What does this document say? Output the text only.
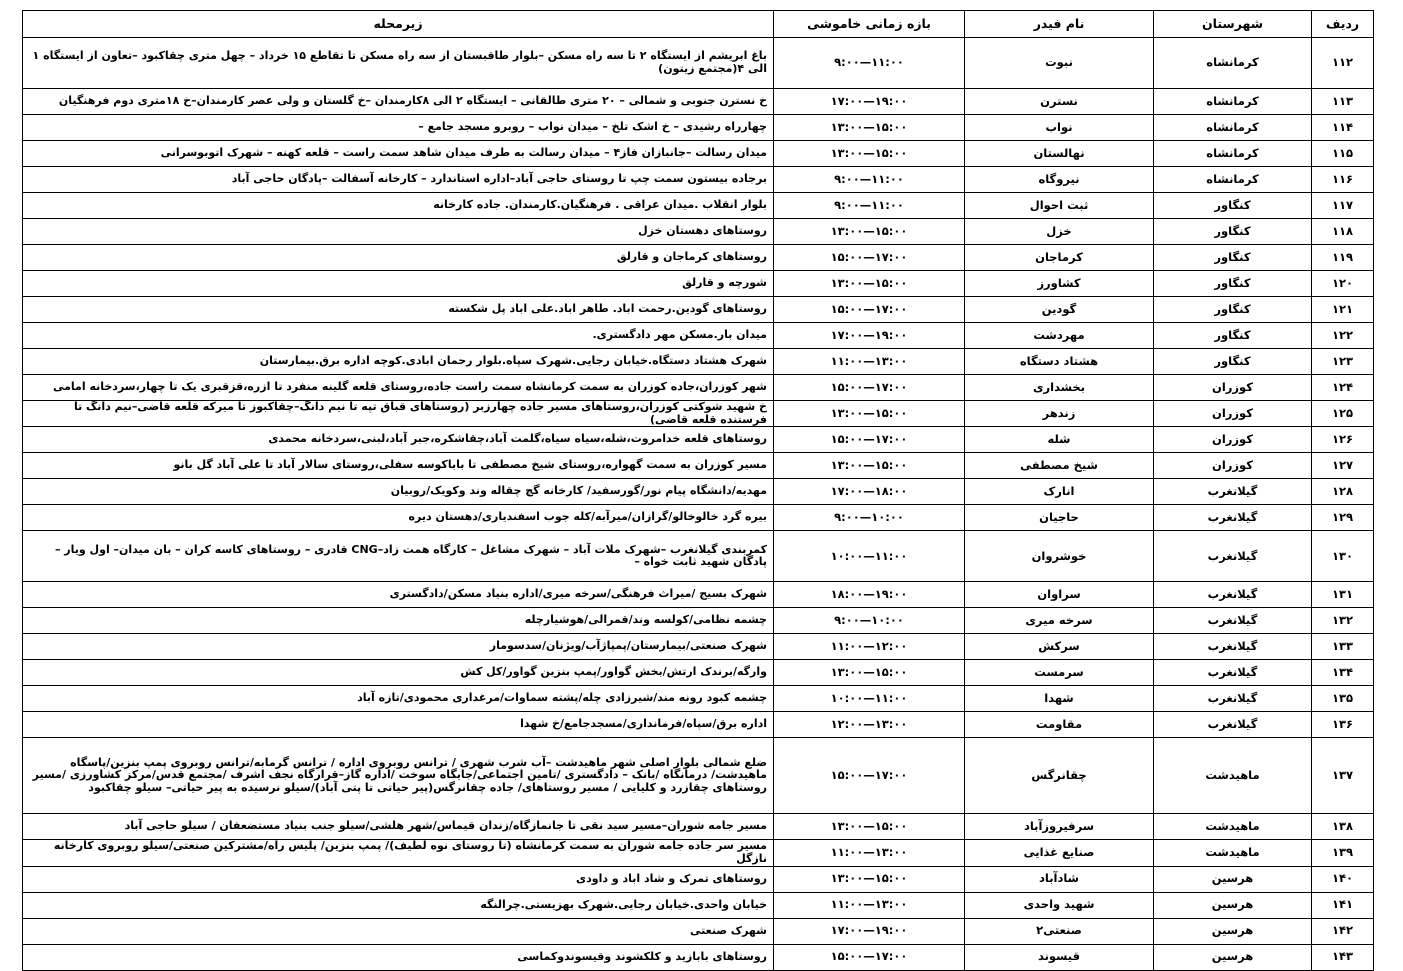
ردیف	شهرستان	نام فیدر	بازه زمانی خاموشی	زیرمحله
۱۱۲	کرمانشاه	نبوت	۱۱:۰۰—۹:۰۰	باغ ابریشم از ایستگاه ۲ تا سه راه مسکن –بلوار طاقبستان از سه راه مسکن تا تقاطع ۱۵ خرداد – چهل متری چقاکبود –تعاون از ایستگاه ۱ الی ۴(مجتمع زیتون)
۱۱۳	کرمانشاه	نسترن	۱۹:۰۰—۱۷:۰۰	خ نسترن جنوبی و شمالی – ۲۰ متری طالقانی – ایستگاه ۲ الی ۸کارمندان –خ گلستان و ولی عصر کارمندان–خ ۱۸متری دوم فرهنگیان
۱۱۴	کرمانشاه	نواب	۱۵:۰۰—۱۳:۰۰	چهارراه رشیدی – خ اشک تلخ – میدان نواب – روبرو مسجد جامع –
۱۱۵	کرمانشاه	نهالستان	۱۵:۰۰—۱۳:۰۰	میدان رسالت –جانبازان فاز۴ – میدان رسالت به طرف میدان شاهد سمت راست – قلعه کهنه – شهرک اتوبوسرانی
۱۱۶	کرمانشاه	نیروگاه	۱۱:۰۰—۹:۰۰	برجاده بیستون سمت چپ تا روستای حاجی آباد–اداره استاندارد – کارخانه آسفالت –پادگان حاجی آباد
۱۱۷	کنگاور	ثبت احوال	۱۱:۰۰—۹:۰۰	بلوار انقلاب .میدان عراقی . فرهنگیان.کارمندان. جاده کارخانه
۱۱۸	کنگاور	خزل	۱۵:۰۰—۱۳:۰۰	روستاهای دهستان خزل
۱۱۹	کنگاور	کرماجان	۱۷:۰۰—۱۵:۰۰	روستاهای کرماجان و قارلق
۱۲۰	کنگاور	کشاورز	۱۵:۰۰—۱۳:۰۰	شورچه و قارلق
۱۲۱	کنگاور	گودین	۱۷:۰۰—۱۵:۰۰	روستاهای گودین.رحمت اباد. طاهر اباد.علی اباد پل شکسته
۱۲۲	کنگاور	مهردشت	۱۹:۰۰—۱۷:۰۰	میدان بار.مسکن مهر دادگستری.
۱۲۳	کنگاور	هشتاد دستگاه	۱۳:۰۰—۱۱:۰۰	شهرک هشتاد دستگاه.خیابان رجایی.شهرک سپاه.بلوار رحمان ابادی.کوچه اداره برق.بیمارستان
۱۲۴	کوزران	بخشداری	۱۷:۰۰—۱۵:۰۰	شهر کوزران،جاده کوزران به سمت کرمانشاه سمت راست جاده،روستای قلعه گلینه منفرد تا ازره،قزقبری یک تا چهار،سردخانه امامی
۱۲۵	کوزران	زندهر	۱۵:۰۰—۱۳:۰۰	خ شهید شوکتی کوزران،روستاهای مسیر جاده چهارزبر (روستاهای قباق تپه تا نیم دانگ–چقاکبوز تا میرکه قلعه قاضی–نیم دانگ تا فرستنده قلعه قاضی)
۱۲۶	کوزران	شله	۱۷:۰۰—۱۵:۰۰	روستاهای قلعه خدامروت،شله،سیاه سیاه،گلمت آباد،چقاشکره،جبر آباد،لبنی،سردخانه محمدی
۱۲۷	کوزران	شیخ مصطفی	۱۵:۰۰—۱۳:۰۰	مسیر کوزران به سمت گهواره،روستای شیخ مصطفی تا باباکوسه سفلی،روستای سالار آباد تا علی آباد گل بانو
۱۲۸	گیلانغرب	انارک	۱۸:۰۰—۱۷:۰۰	مهدیه/دانشگاه پیام نور/گورسفید/ کارخانه گچ چقاله وند وکویک/روبیان
۱۲۹	گیلانغرب	حاجیان	۱۰:۰۰—۹:۰۰	بیره گرد خالوخالو/گرازان/میرآبه/کله جوب اسفندیاری/دهستان دیره
۱۳۰	گیلانغرب	خوشروان	۱۱:۰۰—۱۰:۰۰	کمربندی گیلانغرب –شهرک ملات آباد – شهرک مشاغل – کارگاه همت زاد–CNG قادری – روستاهای کاسه کران – بان میدان– اول ویار – پادگان شهید ثابت خواه –
۱۳۱	گیلانغرب	سراوان	۱۹:۰۰—۱۸:۰۰	شهرک بسیج /میراث فرهنگی/سرخه میری/اداره بنیاد مسکن/دادگستری
۱۳۲	گیلانغرب	سرخه میری	۱۰:۰۰—۹:۰۰	چشمه نظامی/کولسه وند/قمرالی/هوشیارچله
۱۳۳	گیلانغرب	سرکش	۱۲:۰۰—۱۱:۰۰	شهرک صنعتی/بیمارستان/پمپاژآب/ویژنان/سدسومار
۱۳۴	گیلانغرب	سرمست	۱۵:۰۰—۱۳:۰۰	وارگه/برندک ارتش/بخش گواور/پمپ بنزین گواور/کل کش
۱۳۵	گیلانغرب	شهدا	۱۱:۰۰—۱۰:۰۰	چشمه کبود رونه مند/شیرزادی چله/پشته سماوات/مرغداری محمودی/تازه آباد
۱۳۶	گیلانغرب	مقاومت	۱۳:۰۰—۱۲:۰۰	اداره برق/سپاه/فرمانداری/مسجدجامع/خ شهدا
۱۳۷	ماهیدشت	چقانرگس	۱۷:۰۰—۱۵:۰۰	ضلع شمالی بلوار اصلی شهر ماهیدشت –آب شرب شهری / ترانس روبروی اداره / ترانس گرمابه/ترانس روبروی پمپ بنزین/پاسگاه ماهیدشت/ درمانگاه /بانک – دادگستری /تامین اجتماعی/جایگاه سوخت /اداره گاز–قرارگاه نجف اشرف /مجتمع قدس/مرکز کشاورزی /مسیر روستاهای چقازرد و کلیایی / مسیر روستاهای/ جاده چقانرگس(پیر حیاتی تا پتی آباد)/سیلو نرسیده به پیر حیاتی– سیلو چقاکبود
۱۳۸	ماهیدشت	سرفیروزآباد	۱۵:۰۰—۱۳:۰۰	مسیر جامه شوران–مسیر سید نقی تا جانمازگاه/زندان قیماس/شهر هلشی/سیلو جنب بنیاد مستضعفان / سیلو حاجی آباد
۱۳۹	ماهیدشت	صنایع غذایی	۱۳:۰۰—۱۱:۰۰	مسیر سر جاده جامه شوران به سمت کرمانشاه (تا روستای نوه لطیف)/ پمپ بنزین/ پلیس راه/مشترکین صنعتی/سیلو روبروی کارخانه نازگل
۱۴۰	هرسین	شادآباد	۱۵:۰۰—۱۳:۰۰	روستاهای تمرک و شاد اباد و داودی
۱۴۱	هرسین	شهید واحدی	۱۳:۰۰—۱۱:۰۰	خیابان واحدی.خیابان رجایی.شهرک بهزیستی.چرالنگه
۱۴۲	هرسین	صنعتی۲	۱۹:۰۰—۱۷:۰۰	شهرک صنعتی
۱۴۳	هرسین	قیسوند	۱۷:۰۰—۱۵:۰۰	روستاهای بابازید و کلکشوند وقیسوندوکماسی
